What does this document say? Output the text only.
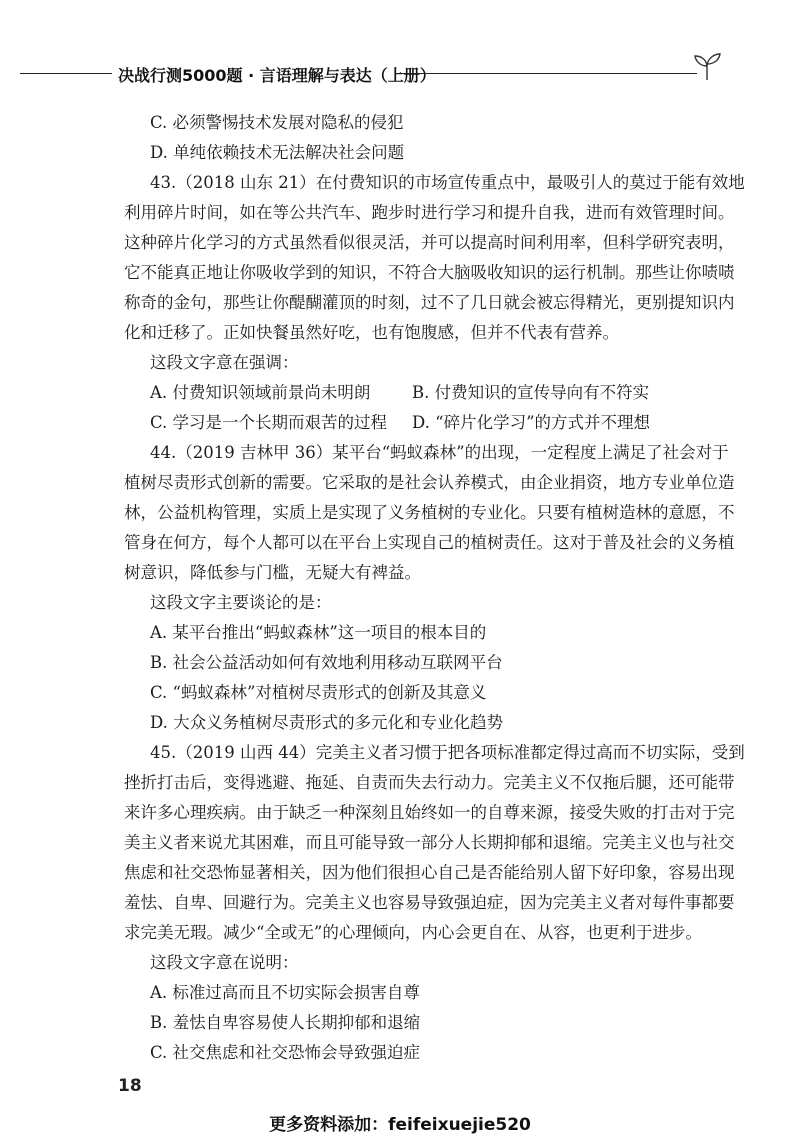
决战行测5000题 · 言语理解与表达（上册）
C. 必须警惕技术发展对隐私的侵犯
D. 单纯依赖技术无法解决社会问题
43.（2018 山东 21）在付费知识的市场宣传重点中，最吸引人的莫过于能有效地
利用碎片时间，如在等公共汽车、跑步时进行学习和提升自我，进而有效管理时间。
这种碎片化学习的方式虽然看似很灵活，并可以提高时间利用率，但科学研究表明，
它不能真正地让你吸收学到的知识，不符合大脑吸收知识的运行机制。那些让你啧啧
称奇的金句，那些让你醍醐灌顶的时刻，过不了几日就会被忘得精光，更别提知识内
化和迁移了。正如快餐虽然好吃，也有饱腹感，但并不代表有营养。
这段文字意在强调：
A. 付费知识领域前景尚未明朗	B. 付费知识的宣传导向有不符实
C. 学习是一个长期而艰苦的过程 D. “碎片化学习”的方式并不理想
44.（2019 吉林甲 36）某平台“蚂蚁森林”的出现，一定程度上满足了社会对于
植树尽责形式创新的需要。它采取的是社会认养模式，由企业捐资，地方专业单位造
林，公益机构管理，实质上是实现了义务植树的专业化。只要有植树造林的意愿，不
管身在何方，每个人都可以在平台上实现自己的植树责任。这对于普及社会的义务植
树意识，降低参与门槛，无疑大有裨益。
这段文字主要谈论的是：
A. 某平台推出“蚂蚁森林”这一项目的根本目的
B. 社会公益活动如何有效地利用移动互联网平台
C. “蚂蚁森林”对植树尽责形式的创新及其意义
D. 大众义务植树尽责形式的多元化和专业化趋势
45.（2019 山西 44）完美主义者习惯于把各项标准都定得过高而不切实际，受到
挫折打击后，变得逃避、拖延、自责而失去行动力。完美主义不仅拖后腿，还可能带
来许多心理疾病。由于缺乏一种深刻且始终如一的自尊来源，接受失败的打击对于完
美主义者来说尤其困难，而且可能导致一部分人长期抑郁和退缩。完美主义也与社交
焦虑和社交恐怖显著相关，因为他们很担心自己是否能给别人留下好印象，容易出现
羞怯、自卑、回避行为。完美主义也容易导致强迫症，因为完美主义者对每件事都要
求完美无瑕。减少“全或无”的心理倾向，内心会更自在、从容，也更利于进步。
这段文字意在说明：
A. 标准过高而且不切实际会损害自尊
B. 羞怯自卑容易使人长期抑郁和退缩
C. 社交焦虑和社交恐怖会导致强迫症
18
更多资料添加：feifeixuejie520
